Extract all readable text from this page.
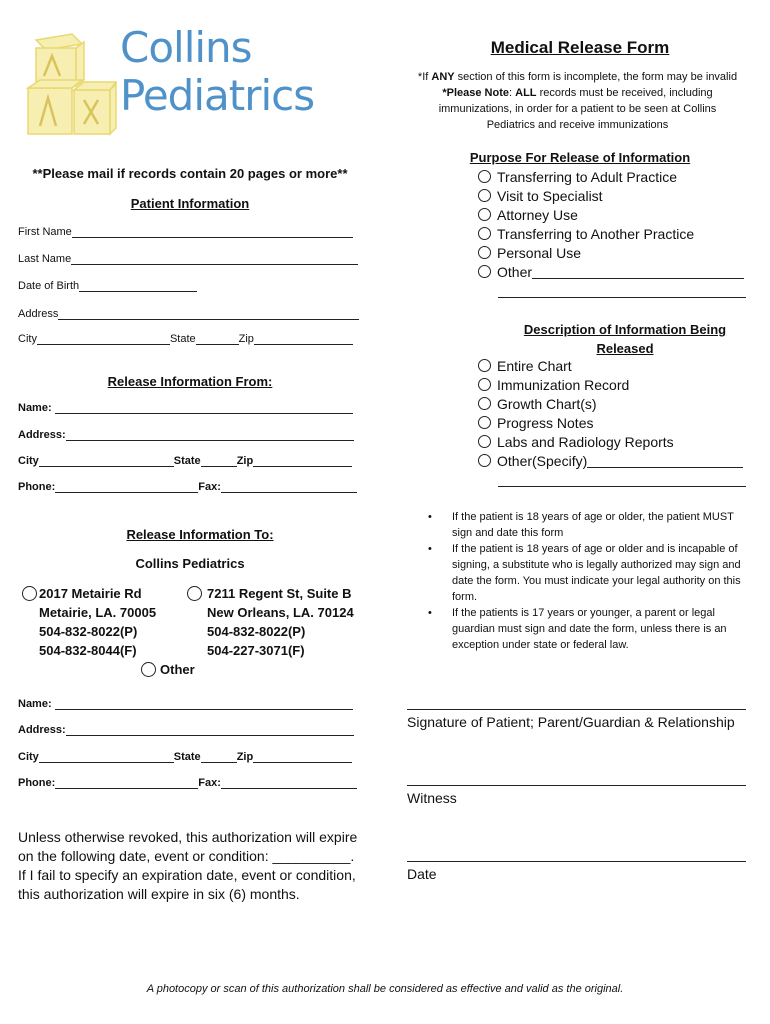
Collins
Pediatrics
Medical Release Form
*If ANY section of this form is incomplete, the form may be invalid
*Please Note: ALL records must be received, including
immunizations, in order for a patient to be seen at Collins
Pediatrics and receive immunizations
**Please mail if records contain 20 pages or more**
Patient Information
First Name
Last Name
Date of Birth
Address
City	State	Zip
Release Information From:
Name:

Address:
City	State	Zip
Phone:	Fax:
Release Information To:
Collins Pediatrics
2017 Metairie Rd
Metairie, LA. 70005
504-832-8022(P)
504-832-8044(F)
7211 Regent St, Suite B
New Orleans, LA. 70124
504-832-8022(P)
504-227-3071(F)
Other
Name:

Address:
City	State	Zip
Phone:	Fax:
Purpose For Release of Information
Transferring to Adult Practice
Visit to Specialist
Attorney Use
Transferring to Another Practice
Personal Use
Other
Description of Information Being
Released
Entire Chart
Immunization Record
Growth Chart(s)
Progress Notes
Labs and Radiology Reports
Other(Specify)
• If the patient is 18 years of age or older, the patient MUST sign and date this form
• If the patient is 18 years of age or older and is incapable of signing, a substitute who is legally authorized may sign and date the form. You must indicate your legal authority on this form.
• If the patients is 17 years or younger, a parent or legal guardian must sign and date the form, unless there is an exception under state or federal law.
Signature of Patient; Parent/Guardian & Relationship
Witness
Date
Unless otherwise revoked, this authorization will expire
on the following date, event or condition: __________.
If I fail to specify an expiration date, event or condition,
this authorization will expire in six (6) months.
A photocopy or scan of this authorization shall be considered as effective and valid as the original.
